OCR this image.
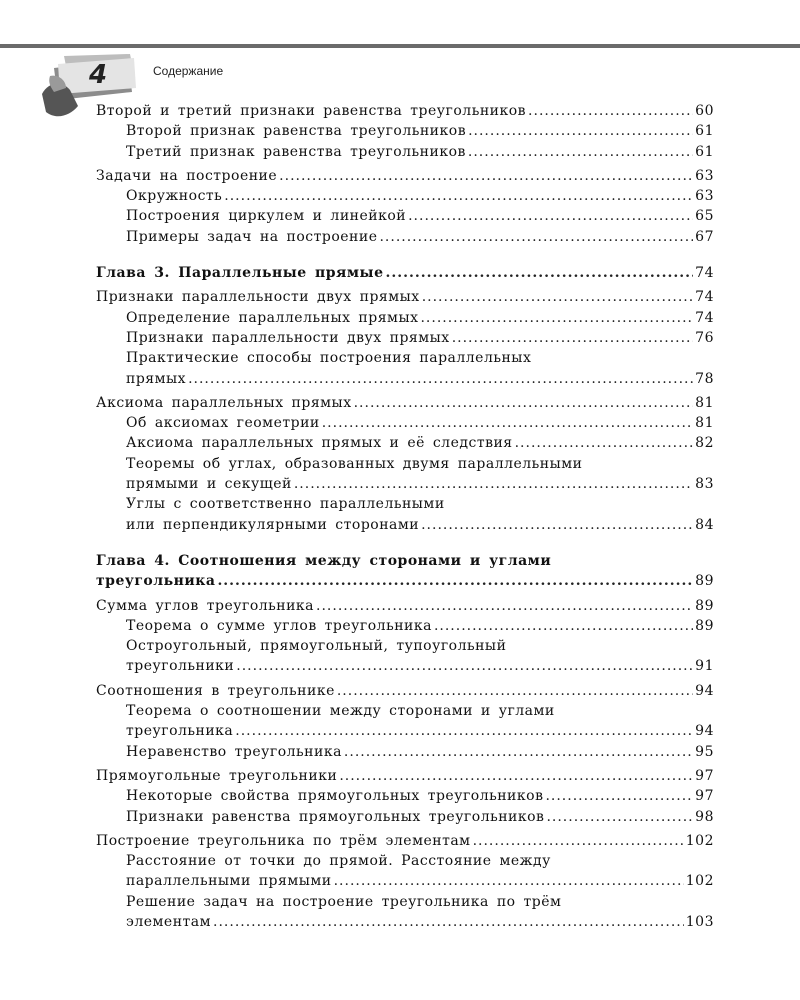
4	Содержание
Второй и третий признаки равенства треугольников .....	60
Второй признак равенства треугольников .....	61
Третий признак равенства треугольников .....	61
Задачи на построение .....	63
Окружность .....	63
Построения циркулем и линейкой .....	65
Примеры задач на построение .....	67
Глава 3. Параллельные прямые .....	74
Признаки параллельности двух прямых .....	74
Определение параллельных прямых .....	74
Признаки параллельности двух прямых .....	76
Практические способы построения параллельных
прямых .....	78
Аксиома параллельных прямых .....	81
Об аксиомах геометрии .....	81
Аксиома параллельных прямых и её следствия .....	82
Теоремы об углах, образованных двумя параллельными
прямыми и секущей .....	83
Углы с соответственно параллельными
или перпендикулярными сторонами .....	84
Глава 4. Соотношения между сторонами и углами
треугольника .....	89
Сумма углов треугольника .....	89
Теорема о сумме углов треугольника .....	89
Остроугольный, прямоугольный, тупоугольный
треугольники .....	91
Соотношения в треугольнике .....	94
Теорема о соотношении между сторонами и углами
треугольника .....	94
Неравенство треугольника .....	95
Прямоугольные треугольники .....	97
Некоторые свойства прямоугольных треугольников .....	97
Признаки равенства прямоугольных треугольников .....	98
Построение треугольника по трём элементам .....	102
Расстояние от точки до прямой. Расстояние между
параллельными прямыми .....	102
Решение задач на построение треугольника по трём
элементам .....	103
